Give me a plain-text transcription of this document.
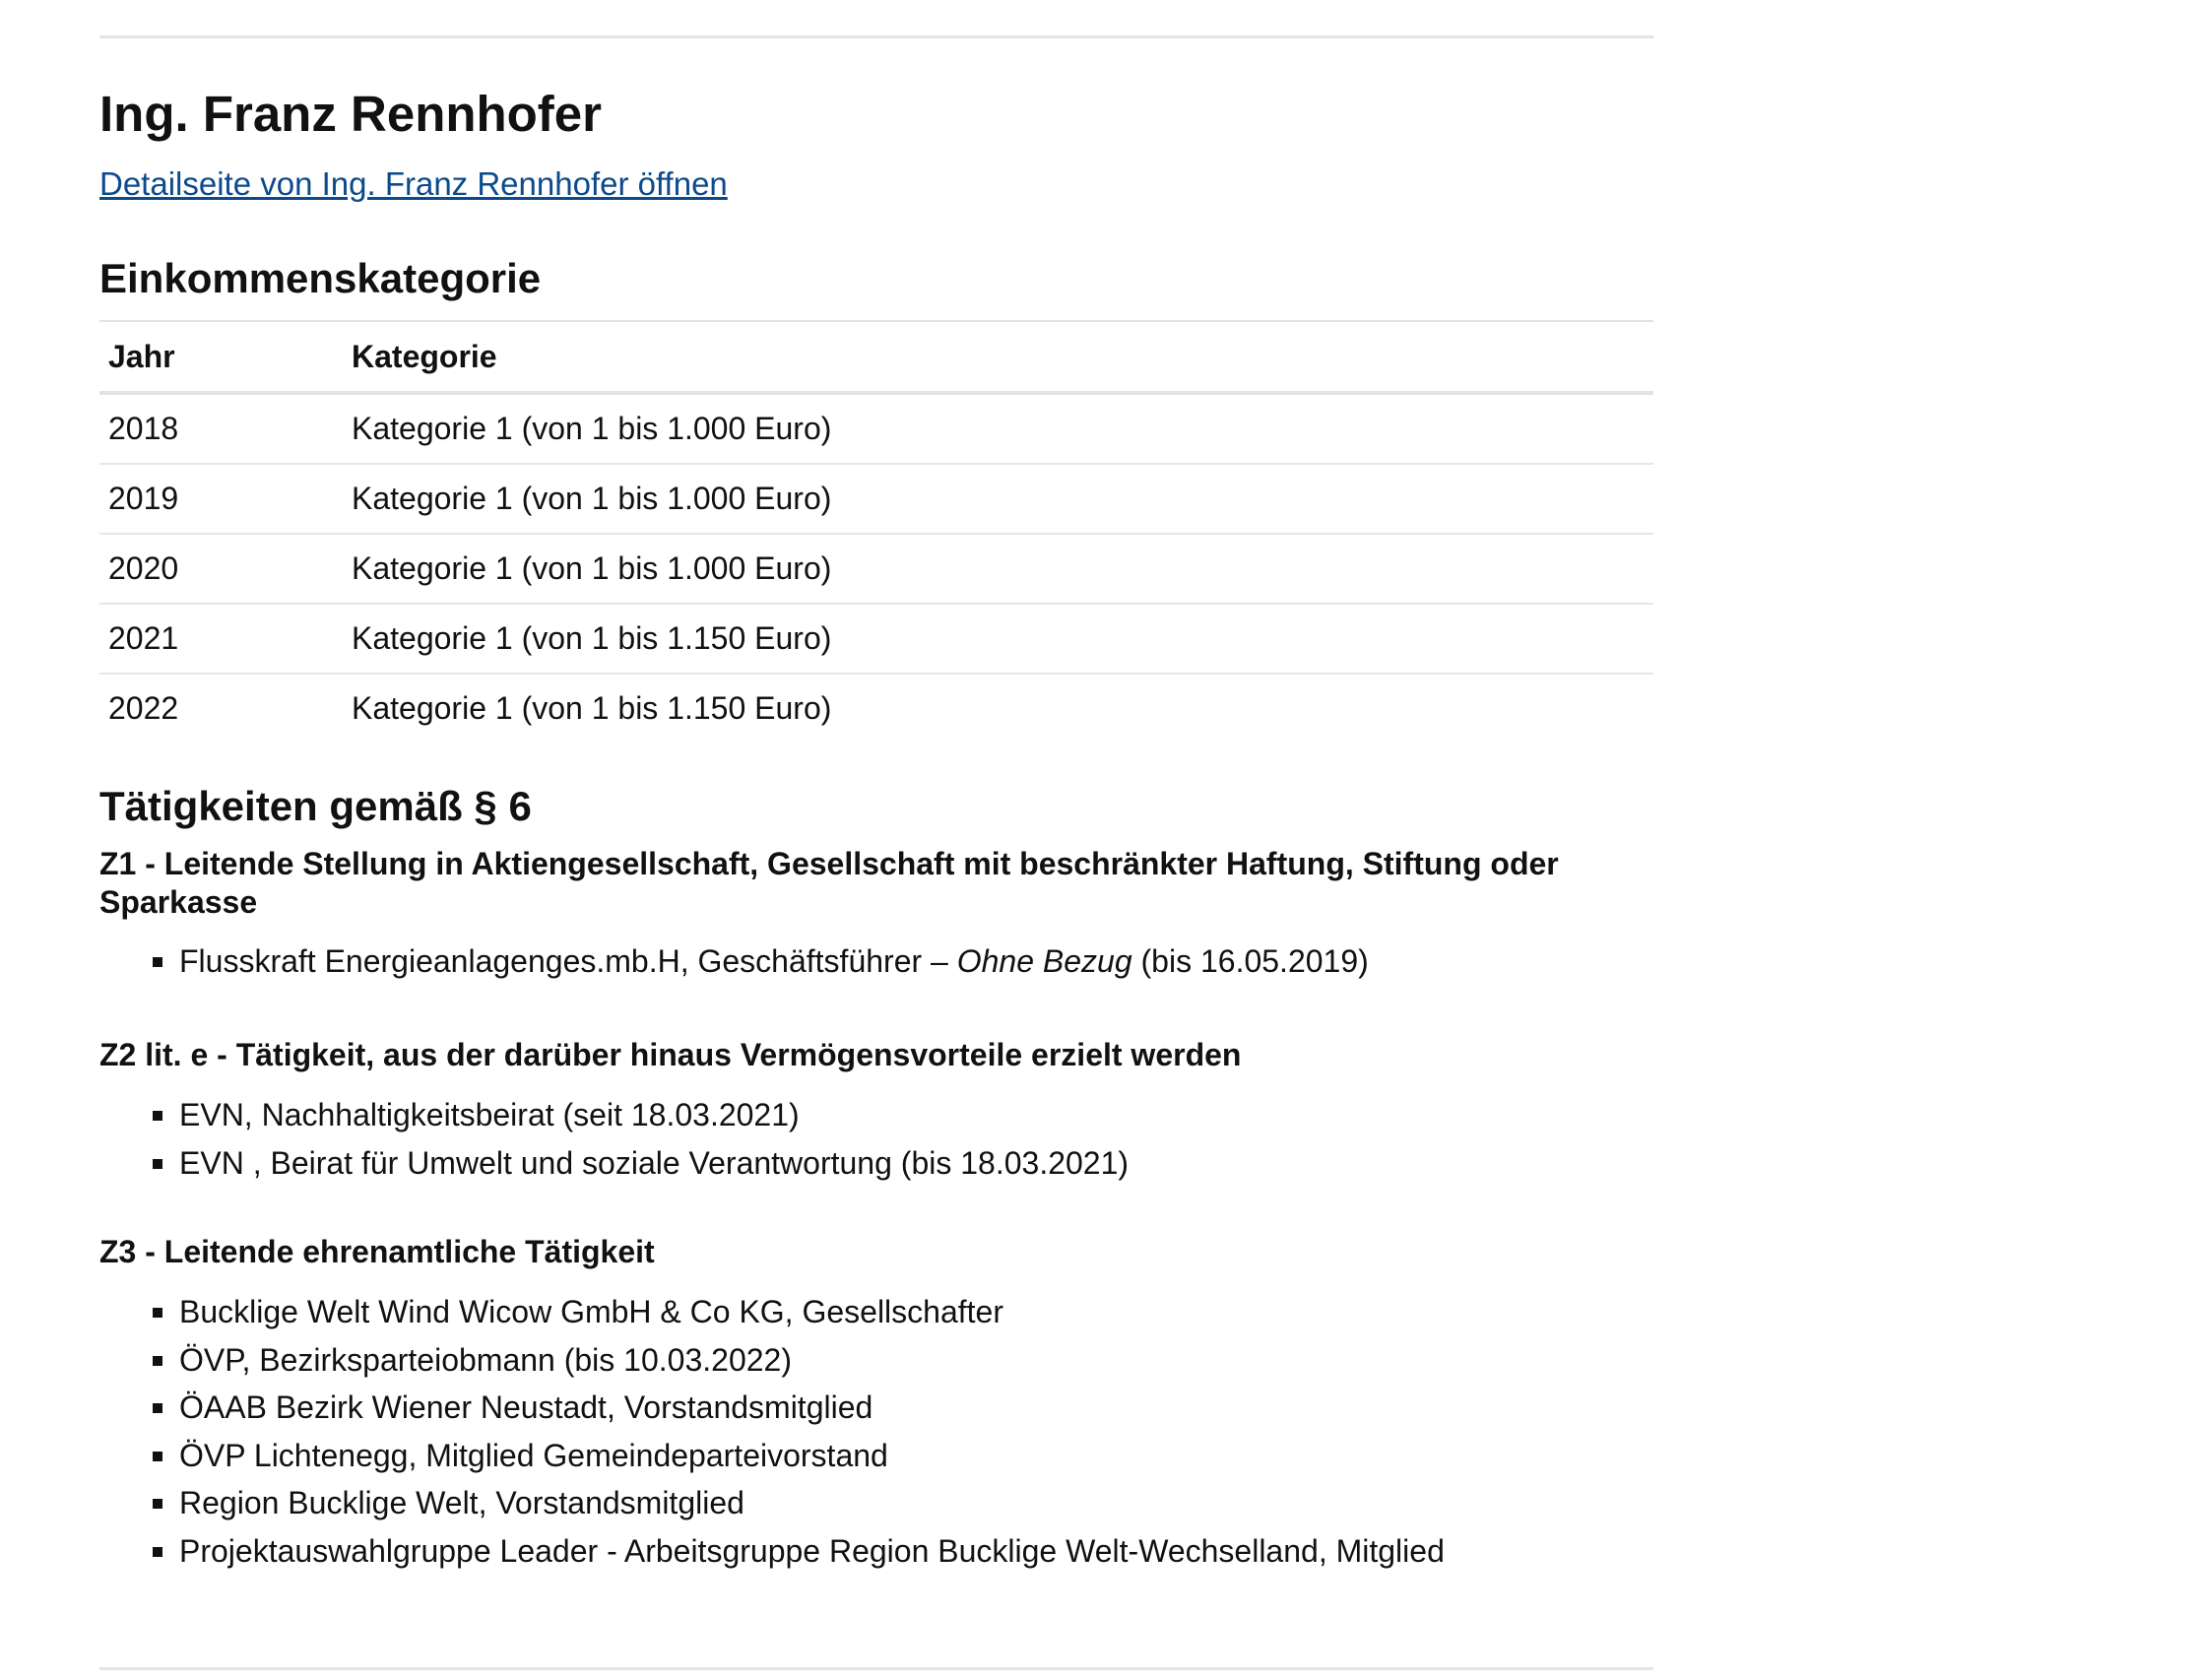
Ing. Franz Rennhofer
Detailseite von Ing. Franz Rennhofer öffnen
Einkommenskategorie
Jahr	Kategorie
2018	Kategorie 1 (von 1 bis 1.000 Euro)
2019	Kategorie 1 (von 1 bis 1.000 Euro)
2020	Kategorie 1 (von 1 bis 1.000 Euro)
2021	Kategorie 1 (von 1 bis 1.150 Euro)
2022	Kategorie 1 (von 1 bis 1.150 Euro)
Tätigkeiten gemäß § 6
Z1 - Leitende Stellung in Aktiengesellschaft, Gesellschaft mit beschränkter Haftung, Stiftung oder Sparkasse
Flusskraft Energieanlagenges.mb.H, Geschäftsführer – Ohne Bezug (bis 16.05.2019)
Z2 lit. e - Tätigkeit, aus der darüber hinaus Vermögensvorteile erzielt werden
EVN, Nachhaltigkeitsbeirat (seit 18.03.2021)
EVN , Beirat für Umwelt und soziale Verantwortung (bis 18.03.2021)
Z3 - Leitende ehrenamtliche Tätigkeit
Bucklige Welt Wind Wicow GmbH & Co KG, Gesellschafter
ÖVP, Bezirksparteiobmann (bis 10.03.2022)
ÖAAB Bezirk Wiener Neustadt, Vorstandsmitglied
ÖVP Lichtenegg, Mitglied Gemeindeparteivorstand
Region Bucklige Welt, Vorstandsmitglied
Projektauswahlgruppe Leader - Arbeitsgruppe Region Bucklige Welt-Wechselland, Mitglied
